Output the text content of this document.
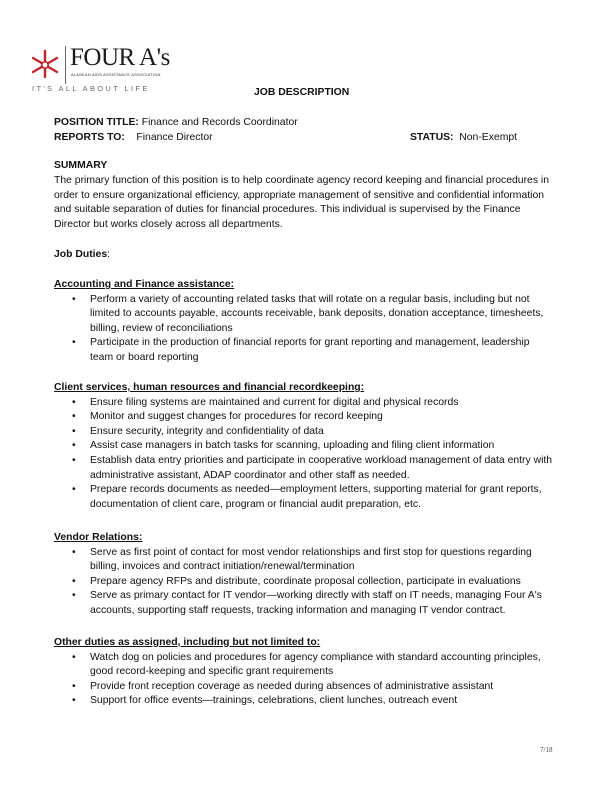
FOUR A's
ALASKAN AIDS ASSISTANCE ASSOCIATION
IT'S ALL ABOUT LIFE	JOB DESCRIPTION
POSITION TITLE: Finance and Records Coordinator
REPORTS TO: Finance Director	STATUS: Non-Exempt
SUMMARY

The primary function of this position is to help coordinate agency record keeping and financial procedures in order to ensure organizational efficiency, appropriate management of sensitive and confidential information and suitable separation of duties for financial procedures. This individual is supervised by the Finance Director but works closely across all departments.

Job Duties:
Accounting and Finance assistance:
• Perform a variety of accounting related tasks that will rotate on a regular basis, including but not limited to accounts payable, accounts receivable, bank deposits, donation acceptance, timesheets, billing, review of reconciliations
• Participate in the production of financial reports for grant reporting and management, leadership team or board reporting
Client services, human resources and financial recordkeeping:
• Ensure filing systems are maintained and current for digital and physical records
• Monitor and suggest changes for procedures for record keeping
• Ensure security, integrity and confidentiality of data
• Assist case managers in batch tasks for scanning, uploading and filing client information
• Establish data entry priorities and participate in cooperative workload management of data entry with administrative assistant, ADAP coordinator and other staff as needed.
• Prepare records documents as needed—employment letters, supporting material for grant reports, documentation of client care, program or financial audit preparation, etc.
Vendor Relations:
• Serve as first point of contact for most vendor relationships and first stop for questions regarding billing, invoices and contract initiation/renewal/termination
• Prepare agency RFPs and distribute, coordinate proposal collection, participate in evaluations
• Serve as primary contact for IT vendor—working directly with staff on IT needs, managing Four A's accounts, supporting staff requests, tracking information and managing IT vendor contract.
Other duties as assigned, including but not limited to:
• Watch dog on policies and procedures for agency compliance with standard accounting principles, good record-keeping and specific grant requirements
• Provide front reception coverage as needed during absences of administrative assistant
• Support for office events—trainings, celebrations, client lunches, outreach event
7/18
